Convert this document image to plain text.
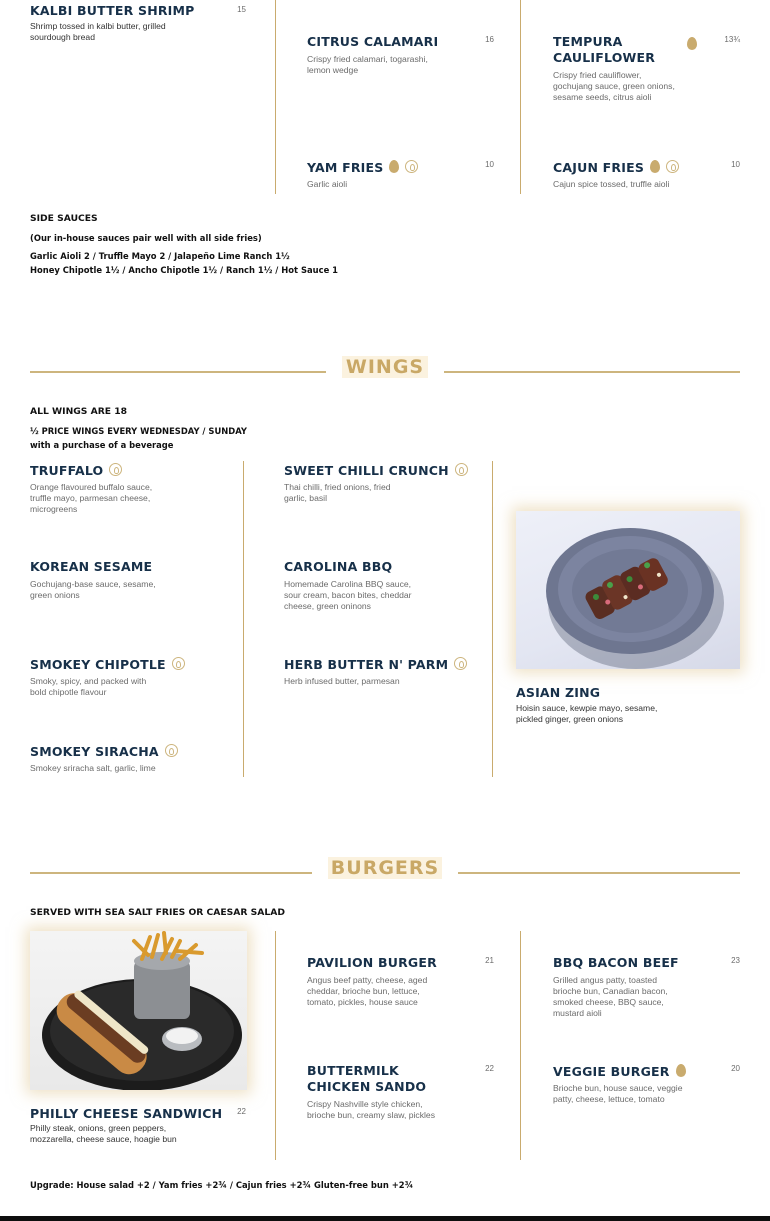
KALBI BUTTER SHRIMP	15
Shrimp tossed in kalbi butter, grilled sourdough bread	CITRUS CALAMARI	16
Crispy fried calamari, togarashi, lemon wedge
TEMPURA CAULIFLOWER
13¾
Crispy fried cauliflower, gochujang sauce, green onions, sesame seeds, citrus aioli
YAM FRIES	10
Garlic aioli
CAJUN FRIES	10
Cajun spice tossed, truffle aioli
SIDE SAUCES
(Our in-house sauces pair well with all side fries)
Garlic Aioli 2 / Truffle Mayo 2 / Jalapeño Lime Ranch 1½
Honey Chipotle 1½ / Ancho Chipotle 1½ / Ranch 1½ / Hot Sauce 1
WINGS
ALL WINGS ARE 18
½ PRICE WINGS EVERY WEDNESDAY / SUNDAY
with a purchase of a beverage
TRUFFALO
Orange flavoured buffalo sauce, truffle mayo, parmesan cheese, microgreens
KOREAN SESAME
Gochujang-base sauce, sesame, green onions
SMOKEY CHIPOTLE
Smoky, spicy, and packed with bold chipotle flavour
SMOKEY SIRACHA
Smokey sriracha salt, garlic, lime
SWEET CHILLI CRUNCH
Thai chilli, fried onions, fried garlic, basil
CAROLINA BBQ
Homemade Carolina BBQ sauce, sour cream, bacon bites, cheddar cheese, green oninons
HERB BUTTER N' PARM
Herb infused butter, parmesan
ASIAN ZING
Hoisin sauce, kewpie mayo, sesame, pickled ginger, green onions
BURGERS
SERVED WITH SEA SALT FRIES OR CAESAR SALAD
PHILLY CHEESE SANDWICH	22
Philly steak, onions, green peppers, mozzarella, cheese sauce, hoagie bun
PAVILION BURGER	21
Angus beef patty, cheese, aged cheddar, brioche bun, lettuce, tomato, pickles, house sauce
BUTTERMILK CHICKEN SANDO
22
Crispy Nashville style chicken, brioche bun, creamy slaw, pickles
BBQ BACON BEEF	23
Grilled angus patty, toasted brioche bun, Canadian bacon, smoked cheese, BBQ sauce, mustard aioli
VEGGIE BURGER	20
Brioche bun, house sauce, veggie patty, cheese, lettuce, tomato
Upgrade: House salad +2 / Yam fries +2¾ / Cajun fries +2¾ Gluten-free bun +2¾
